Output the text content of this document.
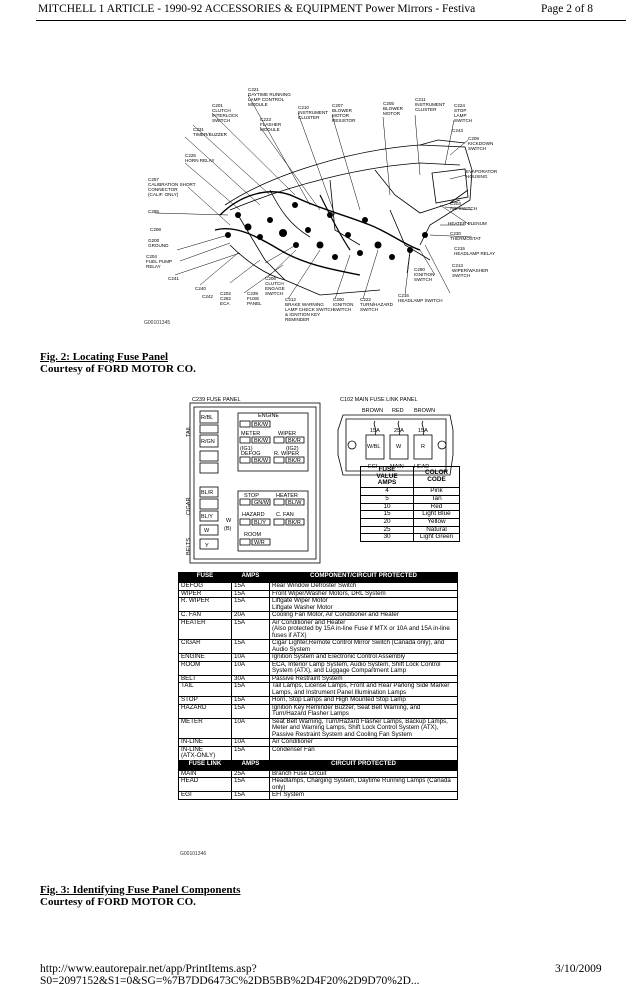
MITCHELL 1 ARTICLE - 1990-92 ACCESSORIES & EQUIPMENT Power Mirrors - Festiva	Page 2 of 8
C221 DAYTIME RUNNING LAMP CONTROL MODULE
C201 CLUTCH INTERLOCK SWITCH
C210 INSTRUMENT CLUSTER
C207 BLOWER MOTOR RESISTOR
C205 BLOWER MOTOR
C211 INSTRUMENT CLUSTER
C224 STOP LAMP SWITCH
C223 FLASHER MODULE
C231 TIMER/BUZZER
C243
C226 HORN RELAY
C209 KICKDOWN SWITCH
C257 CALIBRATION SHORT CONNECTOR (CALIF. ONLY)
EVAPORATOR HOUSING
C285
C203 A/C SWITCH
HEATER PLENUM
C208
C230 THERMOSTAT
G200 GROUND
C204 FUEL PUMP RELAY
C215 HEADLAMP RELAY
C213 WIPER/WASHER SWITCH
C290 IGNITION SWITCH
C240
C241
C242
C202 C262 ECA
C239 FUSE PANEL
C206 CLUTCH ENGAGE SWITCH
C212 BRAKE WARNING LAMP CHECK SWITCH & IGNITION KEY REMINDER
C200 IGNITION SWITCH
C222 TURN/HAZARD SWITCH
C216 HEADLAMP SWITCH
G00101345
Fig. 2: Locating Fuse Panel
Courtesy of FORD MOTOR CO.
C239 FUSE PANEL	C102 MAIN FUSE LINK PANEL
TAIL
CIGAR
BELTS
R/BL
R/GN
BL/R
BL/Y
W
Y
ENGINE
BK/W
METER	WIPER
BK/W	BK/R
(IG1)	(IG2)
DEFOG R. WIPER
BK/W	BK/R
STOP	HEATER
GN/W	BL/W
HAZARD C. FAN
BL/Y	BK/R
W
(B)
ROOM
W/R
BROWN RED BROWN
15A	25A	15A
W/BL	W	R
EGI MAIN HEAD
FUSE
VALUE
AMPS	COLOR
CODE
4	Pink
5	Tan
10	Red
15	Light Blue
20	Yellow
25	Natural
30	Light Green
FUSE	AMPS	COMPONENT/CIRCUIT PROTECTED
DEFOG	15A	Rear Window Defroster Switch
WIPER	15A	Front Wiper/Washer Motors, DRL System
R. WIPER	15A	Liftgate Wiper Motor
Liftgate Washer Motor
C. FAN	20A	Cooling Fan Motor, Air Conditioner and Heater
HEATER	15A	Air Conditioner and Heater
(Also protected by 15A in-line Fuse if MTX or 10A and 15A in-line fuses if ATX)
CIGAR	15A	Cigar Lighter,Remote Control Mirror Switch (Canada only), and Audio System
ENGINE	10A	Ignition System and Electronic Control Assembly
ROOM	10A	ECA, Interior Lamp System, Audio System, Shift Lock Control System (ATX), and Luggage Compartment Lamp
BELT	30A	Passive Restraint System
TAIL	15A	Tail Lamps, License Lamps, Front and Rear Parking Side Marker Lamps, and Instrument Panel Illumination Lamps
STOP	15A	Horn, Stop Lamps and High Mounted Stop Lamp
HAZARD	15A	Ignition Key Reminder Buzzer, Seat Belt Warning, and Turn/Hazard Flasher Lamps
METER	10A	Seat Belt Warning, Turn/Hazard Flasher Lamps, Backup Lamps, Meter and Warning Lamps, Shift Lock Control System (ATX), Passive Restraint System and Cooling Fan System
IN-LINE	10A	Air Conditioner
IN-LINE
(ATX-ONLY)	15A	Condenser Fan
FUSE LINK	AMPS	CIRCUIT PROTECTED
MAIN	25A	Branch Fuse Circuit
HEAD	15A	Headlamps, Charging System, Daytime Running Lamps (Canada only)
EGI	15A	EFI System
G00101346
Fig. 3: Identifying Fuse Panel Components
Courtesy of FORD MOTOR CO.
http://www.eautorepair.net/app/PrintItems.asp?S0=2097152&S1=0&SG=%7B7DD6473C%2DB5BB%2D4F20%2D9D70%2D...
3/10/2009
